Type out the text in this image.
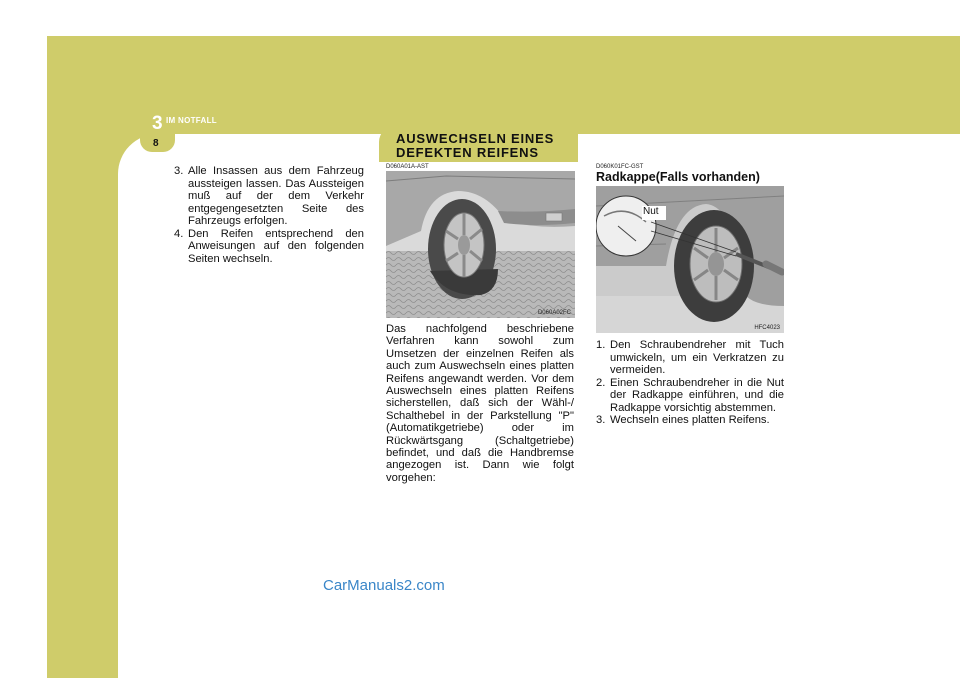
3 IM NOTFALL
8
3. Alle Insassen aus dem Fahrzeug aussteigen lassen. Das Aussteigen muß auf der dem Verkehr entgegengesetzten Seite des Fahrzeugs erfolgen.
4. Den Reifen entsprechend den Anweisungen auf den folgenden Seiten wechseln.
AUSWECHSELN EINES DEFEKTEN REIFENS
D060A01A-AST
D060A02FC
Das nachfolgend beschriebene Verfahren kann sowohl zum Umsetzen der einzelnen Reifen als auch zum Auswechseln eines platten Reifens angewandt werden. Vor dem Auswechseln eines platten Reifens sicherstellen, daß sich der Wähl-/ Schalthebel in der Parkstellung "P" (Automatikgetriebe) oder im Rückwärtsgang (Schaltgetriebe) befindet, und daß die Handbremse angezogen ist. Dann wie folgt vorgehen:
D060K01FC-GST
Radkappe(Falls vorhanden)
Nut
HFC4023
1. Den Schraubendreher mit Tuch umwickeln, um ein Verkratzen zu vermeiden.
2. Einen Schraubendreher in die Nut der Radkappe einführen, und die Radkappe vorsichtig abstemmen.
3. Wechseln eines platten Reifens.
CarManuals2.com
